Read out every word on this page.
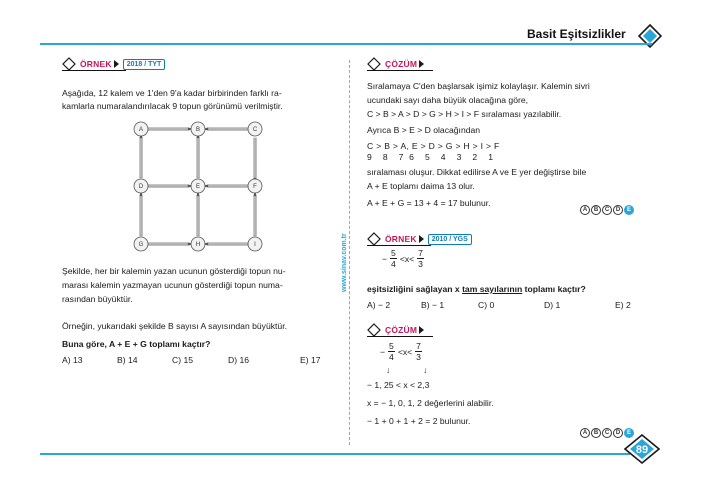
Basit Eşitsizlikler
www.sinav.com.tr
ÖRNEK	2018 / TYT
Aşağıda, 12 kalem ve 1'den 9'a kadar birbirinden farklı ra-
kamlarla numaralandırılacak 9 topun görünümü verilmiştir.
A	B	C
D	E	F
G	H	I
Şekilde, her bir kalemin yazan ucunun gösterdiği topun nu-
marası kalemin yazmayan ucunun gösterdiği topun numa-
rasından büyüktür.
Örneğin, yukarıdaki şekilde B sayısı A sayısından büyüktür.
Buna göre, A + E + G toplamı kaçtır?
A) 13	B) 14	C) 15	D) 16	E) 17
ÇÖZÜM
Sıralamaya C'den başlarsak işimiz kolaylaşır. Kalemin sivri
ucundaki sayı daha büyük olacağına göre,
C > B > A > D > G > H > I > F sıralaması yazılabilir.
Ayrıca B > E > D olacağından
C > B > A, E > D > G > H > I > F
9    8    7  6    5    4    3    2    1
sıralaması oluşur. Dikkat edilirse A ve E yer değiştirse bile
A + E toplamı daima 13 olur.
A + E + G = 13 + 4 = 17 bulunur.
A	B	C	D	E
ÖRNEK	2010 / YGS
− $\frac{5}{4} <x< \frac{7}{3}$
eşitsizliğini sağlayan x tam sayılarının toplamı kaçtır?
A) − 2	B) − 1	C) 0	D) 1	E) 2
ÇÖZÜM
− $\frac{5}{4} <x< \frac{7}{3}$
↓	↓
− 1, 25 < x < 2,3
x = − 1, 0, 1, 2 değerlerini alabilir.
− 1 + 0 + 1 + 2 = 2 bulunur.
A	B	C	D	E
89
